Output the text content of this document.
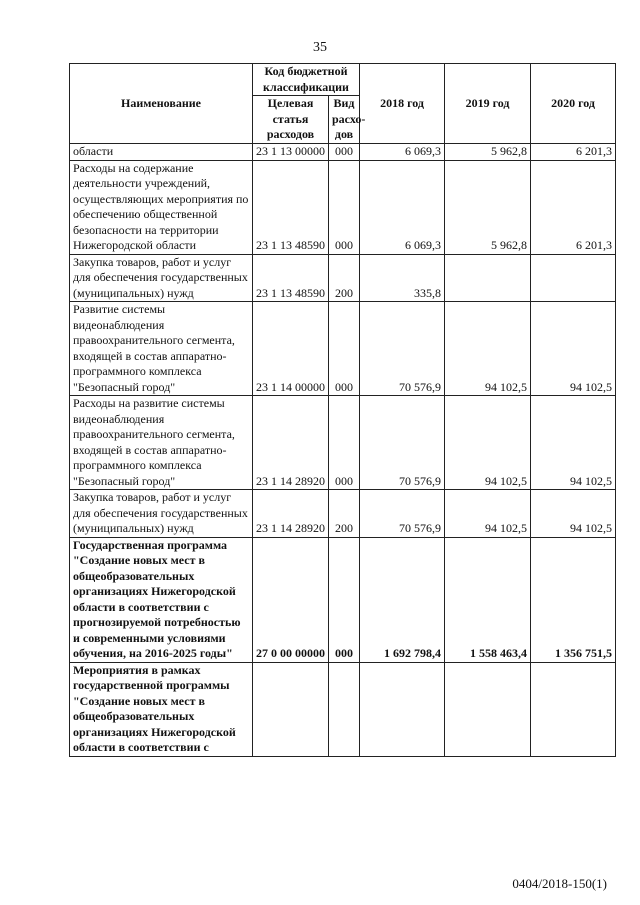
35
Наименование	Код бюджетной классификации		2018 год	2019 год	2020 год
	Целевая статья расходов	Вид расхо-дов			
области	23 1 13 00000	000	6 069,3	5 962,8	6 201,3
Расходы на содержание деятельности учреждений, осуществляющих мероприятия по обеспечению общественной безопасности на территории Нижегородской области	23 1 13 48590	000	6 069,3	5 962,8	6 201,3
Закупка товаров, работ и услуг для обеспечения государственных (муниципальных) нужд	23 1 13 48590	200	335,8		
Развитие системы видеонаблюдения правоохранительного сегмента, входящей в состав аппаратно-программного комплекса "Безопасный город"	23 1 14 00000	000	70 576,9	94 102,5	94 102,5
Расходы на развитие системы видеонаблюдения правоохранительного сегмента, входящей в состав аппаратно-программного комплекса "Безопасный город"	23 1 14 28920	000	70 576,9	94 102,5	94 102,5
Закупка товаров, работ и услуг для обеспечения государственных (муниципальных) нужд	23 1 14 28920	200	70 576,9	94 102,5	94 102,5
Государственная программа "Создание новых мест в общеобразовательных организациях Нижегородской области в соответствии с прогнозируемой потребностью и современными условиями обучения, на 2016-2025 годы"	27 0 00 00000	000	1 692 798,4	1 558 463,4	1 356 751,5
Мероприятия в рамках государственной программы "Создание новых мест в общеобразовательных организациях Нижегородской области в соответствии с					
0404/2018-150(1)
